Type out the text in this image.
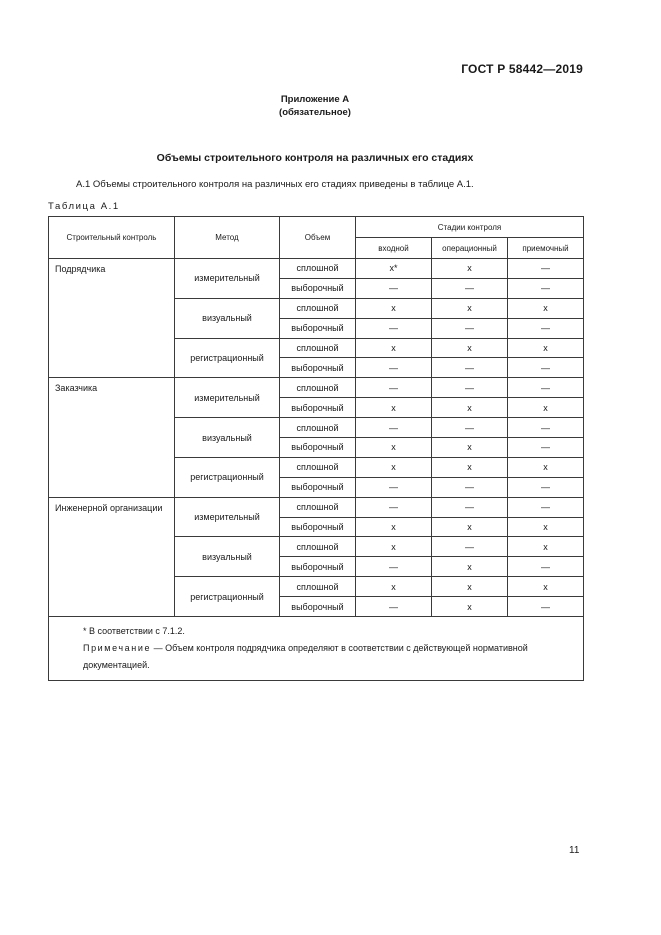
ГОСТ Р 58442—2019
Приложение А
(обязательное)
Объемы строительного контроля на различных его стадиях
А.1 Объемы строительного контроля на различных его стадиях приведены в таблице А.1.
Таблица А.1
Строительный контроль	Метод	Объем	Стадии контроля		
			входной	операционный	приемочный
Подрядчика	измерительный	сплошной	х*	х	—
		выборочный	—	—	—
	визуальный	сплошной	х	х	х
		выборочный	—	—	—
	регистрационный	сплошной	х	х	х
		выборочный	—	—	—
Заказчика	измерительный	сплошной	—	—	—
		выборочный	х	х	х
	визуальный	сплошной	—	—	—
		выборочный	х	х	—
	регистрационный	сплошной	х	х	х
		выборочный	—	—	—
Инженерной организации	измерительный	сплошной	—	—	—
		выборочный	х	х	х
	визуальный	сплошной	х	—	х
		выборочный	—	х	—
	регистрационный	сплошной	х	х	х
		выборочный	—	х	—

* В соответствии с 7.1.2.
Примечание — Объем контроля подрядчика определяют в соответствии с действующей нормативной документацией.					
11
